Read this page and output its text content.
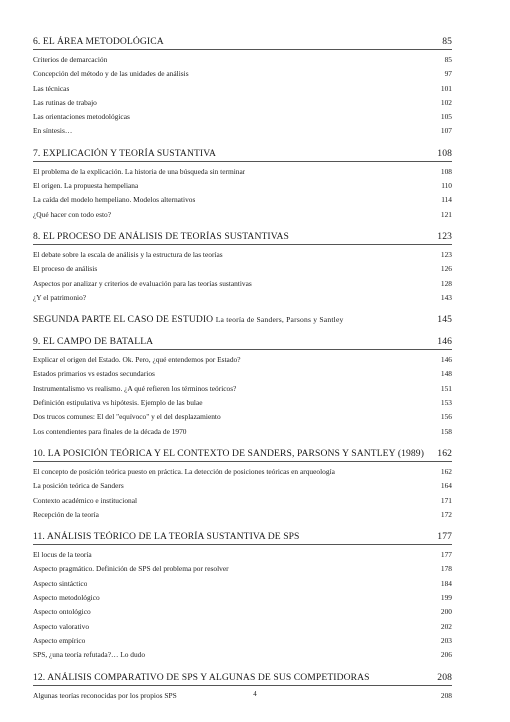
6. EL ÁREA METODOLÓGICA	85
Criterios de demarcación	85
Concepción del método y de las unidades de análisis	97
Las técnicas	101
Las rutinas de trabajo	102
Las orientaciones metodológicas	105
En síntesis…	107
7. EXPLICACIÓN Y TEORÍA SUSTANTIVA	108
El problema de la explicación. La historia de una búsqueda sin terminar	108
El origen. La propuesta hempeliana	110
La caída del modelo hempeliano. Modelos alternativos	114
¿Qué hacer con todo esto?	121
8. EL PROCESO DE ANÁLISIS DE TEORÍAS SUSTANTIVAS	123
El debate sobre la escala de análisis y la estructura de las teorías	123
El proceso de análisis	126
Aspectos por analizar y criterios de evaluación para las teorías sustantivas	128
¿Y el patrimonio?	143
SEGUNDA PARTE EL CASO DE ESTUDIO La teoría de Sanders, Parsons y Santley	145
9. EL CAMPO DE BATALLA	146
Explicar el origen del Estado. Ok. Pero, ¿qué entendemos por Estado?	146
Estados primarios vs estados secundarios	148
Instrumentalismo vs realismo. ¿A qué refieren los términos teóricos?	151
Definición estipulativa vs hipótesis. Ejemplo de las bulae	153
Dos trucos comunes: El del "equívoco" y el del desplazamiento	156
Los contendientes para finales de la década de 1970	158
10. LA POSICIÓN TEÓRICA Y EL CONTEXTO DE SANDERS, PARSONS Y SANTLEY (1989)	162
El concepto de posición teórica puesto en práctica. La detección de posiciones teóricas en arqueología	162
La posición teórica de Sanders	164
Contexto académico e institucional	171
Recepción de la teoría	172
11. ANÁLISIS TEÓRICO DE LA TEORÍA SUSTANTIVA DE SPS	177
El locus de la teoría	177
Aspecto pragmático. Definición de SPS del problema por resolver	178
Aspecto sintáctico	184
Aspecto metodológico	199
Aspecto ontológico	200
Aspecto valorativo	202
Aspecto empírico	203
SPS, ¿una teoría refutada?… Lo dudo	206
12. ANÁLISIS COMPARATIVO DE SPS Y ALGUNAS DE SUS COMPETIDORAS	208
Algunas teorías reconocidas por los propios SPS	208
4
